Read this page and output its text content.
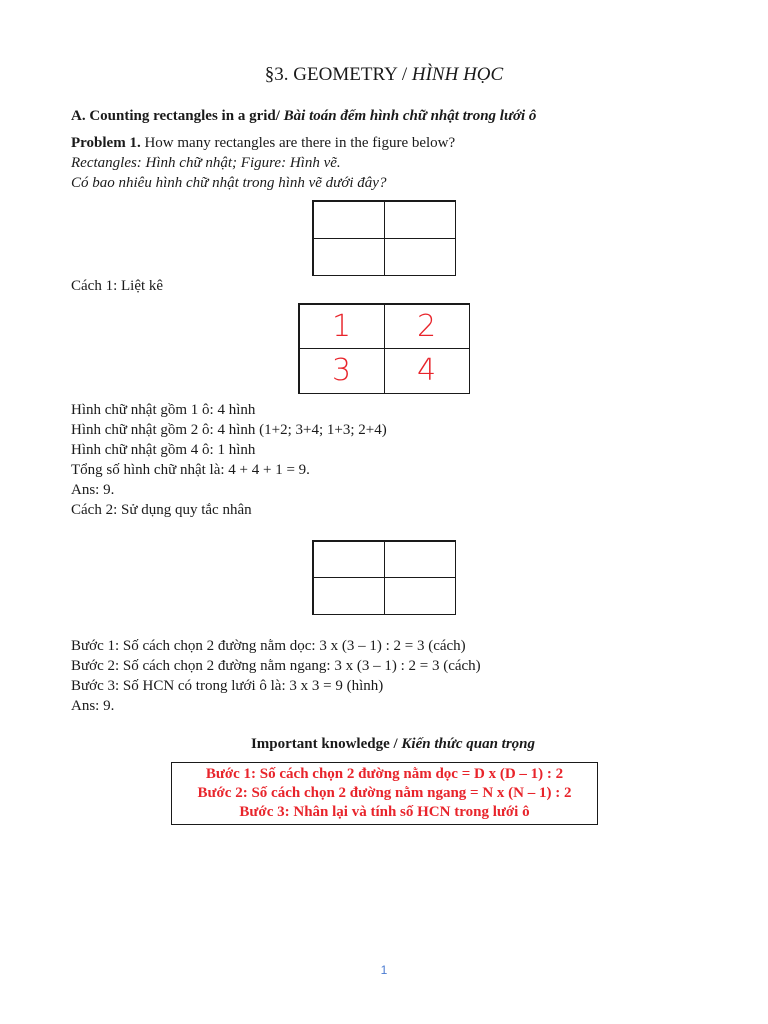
§3. GEOMETRY / HÌNH HỌC
A. Counting rectangles in a grid/ Bài toán đếm hình chữ nhật trong lưới ô
Problem 1. How many rectangles are there in the figure below?
Rectangles: Hình chữ nhật; Figure: Hình vẽ.
Có bao nhiêu hình chữ nhật trong hình vẽ dưới đây?
Cách 1: Liệt kê
1	2
3	4
Hình chữ nhật gồm 1 ô: 4 hình
Hình chữ nhật gồm 2 ô: 4 hình (1+2; 3+4; 1+3; 2+4)
Hình chữ nhật gồm 4 ô: 1 hình
Tổng số hình chữ nhật là: 4 + 4 + 1 = 9.
Ans: 9.
Cách 2: Sử dụng quy tắc nhân
Bước 1: Số cách chọn 2 đường nằm dọc: 3 x (3 – 1) : 2 = 3 (cách)
Bước 2: Số cách chọn 2 đường nằm ngang: 3 x (3 – 1) : 2 = 3 (cách)
Bước 3: Số HCN có trong lưới ô là: 3 x 3 = 9 (hình)
Ans: 9.
Important knowledge / Kiến thức quan trọng
Bước 1: Số cách chọn 2 đường nằm dọc = D x (D – 1) : 2
Bước 2: Số cách chọn 2 đường nằm ngang = N x (N – 1) : 2
Bước 3: Nhân lại và tính số HCN trong lưới ô
1
